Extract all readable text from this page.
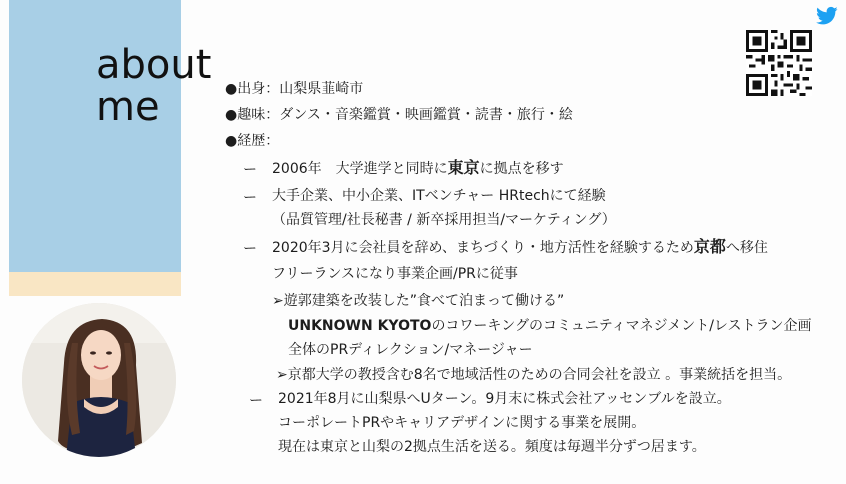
about
me	●出身：山梨県韮崎市
●趣味：ダンス・音楽鑑賞・映画鑑賞・読書・旅行・絵
●経歴：
ー 2006年　大学進学と同時に東京に拠点を移す
ー 大手企業、中小企業、ITベンチャー HRtechにて経験
（品質管理/社長秘書 / 新卒採用担当/マーケティング）
ー 2020年3月に会社員を辞め、まちづくり・地方活性を経験するため京都へ移住
フリーランスになり事業企画/PRに従事
➢遊郭建築を改装した”食べて泊まって働ける”
UNKNOWN KYOTOのコワーキングのコミュニティマネジメント/レストラン企画
全体のPRディレクション/マネージャー
➢京都大学の教授含む8名で地域活性のための合同会社を設立 。事業統括を担当。
ー 2021年8月に山梨県へUターン。9月末に株式会社アッセンブルを設立。
コーポレートPRやキャリアデザインに関する事業を展開。
現在は東京と山梨の2拠点生活を送る。頻度は毎週半分ずつ居ます。
